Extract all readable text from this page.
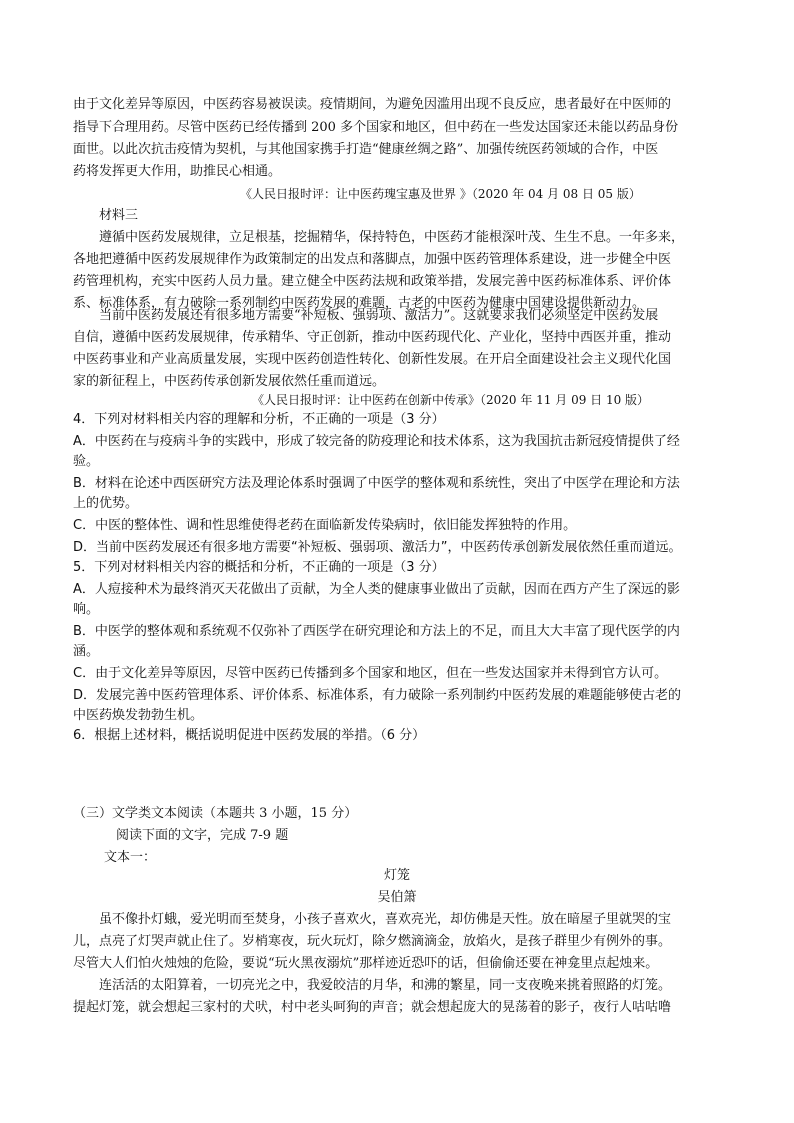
由于文化差异等原因，中医药容易被误读。疫情期间，为避免因滥用出现不良反应，患者最好在中医师的
指导下合理用药。尽管中医药已经传播到 200 多个国家和地区，但中药在一些发达国家还未能以药品身份
面世。以此次抗击疫情为契机，与其他国家携手打造“健康丝绸之路”、加强传统医药领域的合作，中医
药将发挥更大作用，助推民心相通。
《人民日报时评：让中医药瑰宝惠及世界 》（2020 年 04 月 08 日 05 版）
材料三
遵循中医药发展规律，立足根基，挖掘精华，保持特色，中医药才能根深叶茂、生生不息。一年多来，
各地把遵循中医药发展规律作为政策制定的出发点和落脚点，加强中医药管理体系建设，进一步健全中医
药管理机构，充实中医药人员力量。建立健全中医药法规和政策举措，发展完善中医药标准体系、评价体
系、标准体系，有力破除一系列制约中医药发展的难题，古老的中医药为健康中国建设提供新动力。
当前中医药发展还有很多地方需要“补短板、强弱项、激活力”。这就要求我们必须坚定中医药发展
自信，遵循中医药发展规律，传承精华、守正创新，推动中医药现代化、产业化，坚持中西医并重，推动
中医药事业和产业高质量发展，实现中医药创造性转化、创新性发展。在开启全面建设社会主义现代化国
家的新征程上，中医药传承创新发展依然任重而道远。
《人民日报时评：让中医药在创新中传承》（2020 年 11 月 09 日 10 版）
4．下列对材料相关内容的理解和分析，不正确的一项是（3 分）
A．中医药在与疫病斗争的实践中，形成了较完备的防疫理论和技术体系，这为我国抗击新冠疫情提供了经
验。
B．材料在论述中西医研究方法及理论体系时强调了中医学的整体观和系统性，突出了中医学在理论和方法
上的优势。
C．中医的整体性、调和性思维使得老药在面临新发传染病时，依旧能发挥独特的作用。
D．当前中医药发展还有很多地方需要“补短板、强弱项、激活力”，中医药传承创新发展依然任重而道远。
5．下列对材料相关内容的概括和分析，不正确的一项是（3 分）
A．人痘接种术为最终消灭天花做出了贡献，为全人类的健康事业做出了贡献，因而在西方产生了深远的影
响。
B．中医学的整体观和系统观不仅弥补了西医学在研究理论和方法上的不足，而且大大丰富了现代医学的内
涵。
C．由于文化差异等原因，尽管中医药已传播到多个国家和地区，但在一些发达国家并未得到官方认可。
D．发展完善中医药管理体系、评价体系、标准体系，有力破除一系列制约中医药发展的难题能够使古老的
中医药焕发勃勃生机。
6．根据上述材料，概括说明促进中医药发展的举措。（6 分）
（三）文学类文本阅读（本题共 3 小题，15 分）
阅读下面的文字，完成 7-9 题
文本一：
灯笼
吴伯箫
虽不像扑灯蛾，爱光明而至焚身，小孩子喜欢火，喜欢亮光，却仿佛是天性。放在暗屋子里就哭的宝
儿，点亮了灯哭声就止住了。岁梢寒夜，玩火玩灯，除夕燃滴滴金，放焰火，是孩子群里少有例外的事。
尽管大人们怕火烛烛的危险，要说“玩火黑夜溺炕”那样迹近恐吓的话，但偷偷还要在神龛里点起烛来。
连活活的太阳算着，一切亮光之中，我爱皎洁的月华，和沸的繁星，同一支夜晚来挑着照路的灯笼。
提起灯笼，就会想起三家村的犬吠，村中老头呵狗的声音；就会想起庞大的晃荡着的影子，夜行人咕咕噜
